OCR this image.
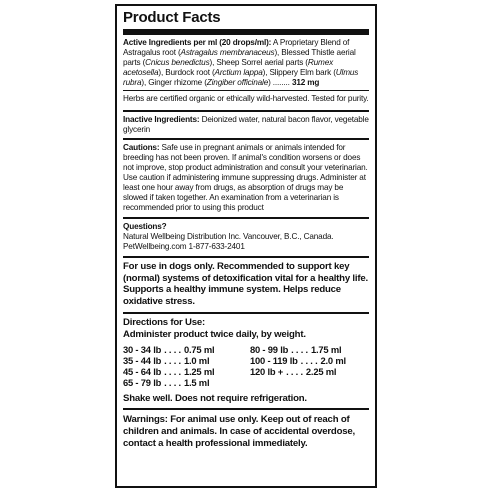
Product Facts
Active Ingredients per ml (20 drops/ml): A Proprietary Blend of Astragalus root (Astragalus membranaceus), Blessed Thistle aerial parts (Cnicus benedictus), Sheep Sorrel aerial parts (Rumex acetosella), Burdock root (Arctium lappa), Slippery Elm bark (Ulmus rubra), Ginger rhizome (Zingiber officinale) ........ 312 mg
Herbs are certified organic or ethically wild-harvested. Tested for purity.
Inactive Ingredients: Deionized water, natural bacon flavor, vegetable glycerin
Cautions: Safe use in pregnant animals or animals intended for breeding has not been proven. If animal's condition worsens or does not improve, stop product administration and consult your veterinarian. Use caution if administering immune suppressing drugs. Administer at least one hour away from drugs, as absorption of drugs may be slowed if taken together. An examination from a veterinarian is recommended prior to using this product
Questions?
Natural Wellbeing Distribution Inc. Vancouver, B.C., Canada.
PetWellbeing.com 1-877-633-2401
For use in dogs only. Recommended to support key (normal) systems of detoxification vital for a healthy life. Supports a healthy immune system. Helps reduce oxidative stress.
Directions for Use:
Administer product twice daily, by weight.
30 - 34 lb . . . . 0.75 ml	80 - 99 lb . . . . 1.75 ml
35 - 44 lb . . . . 1.0 ml	100 - 119 lb . . . . 2.0 ml
45 - 64 lb . . . . 1.25 ml	120 lb + . . . . 2.25 ml
65 - 79 lb . . . . 1.5 ml
Shake well. Does not require refrigeration.
Warnings: For animal use only. Keep out of reach of children and animals. In case of accidental overdose, contact a health professional immediately.
